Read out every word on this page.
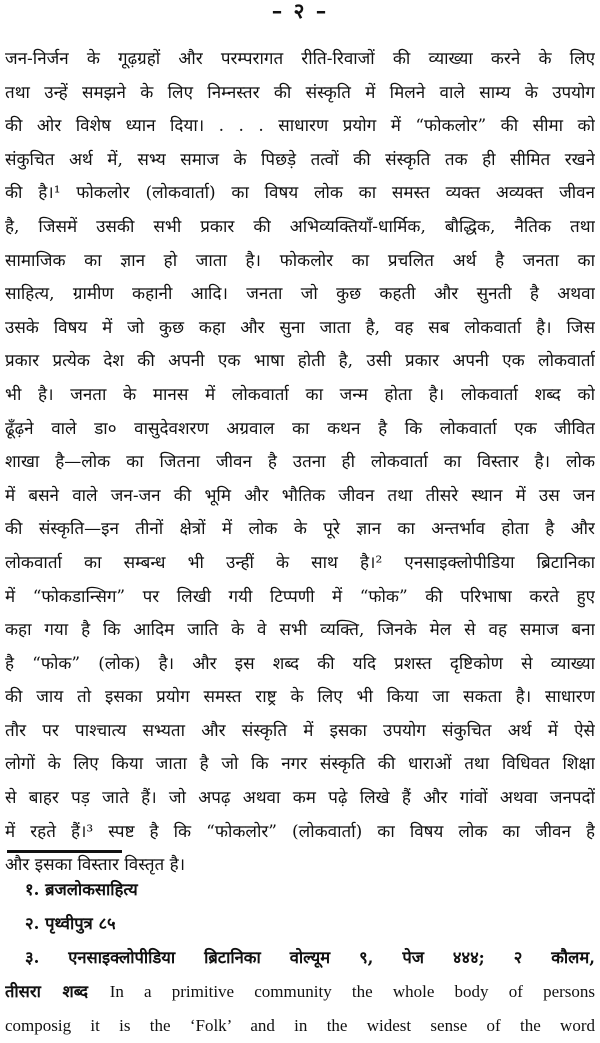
– २ –
जन-निर्जन के गूढ़ग्रहों और परम्परागत रीति-रिवाजों की व्याख्या करने के लिए
तथा उन्हें समझने के लिए निम्नस्तर की संस्कृति में मिलने वाले साम्य के उपयोग
की ओर विशेष ध्यान दिया। . . . साधारण प्रयोग में “फोकलोर” की सीमा को
संकुचित अर्थ में, सभ्य समाज के पिछड़े तत्वों की संस्कृति तक ही सीमित रखने
की है।¹ फोकलोर (लोकवार्ता) का विषय लोक का समस्त व्यक्त अव्यक्त जीवन
है, जिसमें उसकी सभी प्रकार की अभिव्यक्तियाँ-धार्मिक, बौद्धिक, नैतिक तथा
सामाजिक का ज्ञान हो जाता है। फोकलोर का प्रचलित अर्थ है जनता का
साहित्य, ग्रामीण कहानी आदि। जनता जो कुछ कहती और सुनती है अथवा
उसके विषय में जो कुछ कहा और सुना जाता है, वह सब लोकवार्ता है। जिस
प्रकार प्रत्येक देश की अपनी एक भाषा होती है, उसी प्रकार अपनी एक लोकवार्ता
भी है। जनता के मानस में लोकवार्ता का जन्म होता है। लोकवार्ता शब्द को
ढूँढ़ने वाले डा० वासुदेवशरण अग्रवाल का कथन है कि लोकवार्ता एक जीवित
शाखा है—लोक का जितना जीवन है उतना ही लोकवार्ता का विस्तार है। लोक
में बसने वाले जन-जन की भूमि और भौतिक जीवन तथा तीसरे स्थान में उस जन
की संस्कृति—इन तीनों क्षेत्रों में लोक के पूरे ज्ञान का अन्तर्भाव होता है और
लोकवार्ता का सम्बन्ध भी उन्हीं के साथ है।² एनसाइक्लोपीडिया ब्रिटानिका
में “फोकडान्सिग” पर लिखी गयी टिप्पणी में “फोक” की परिभाषा करते हुए
कहा गया है कि आदिम जाति के वे सभी व्यक्ति, जिनके मेल से वह समाज बना
है “फोक” (लोक) है। और इस शब्द की यदि प्रशस्त दृष्टिकोण से व्याख्या
की जाय तो इसका प्रयोग समस्त राष्ट्र के लिए भी किया जा सकता है। साधारण
तौर पर पाश्चात्य सभ्यता और संस्कृति में इसका उपयोग संकुचित अर्थ में ऐसे
लोगों के लिए किया जाता है जो कि नगर संस्कृति की धाराओं तथा विधिवत शिक्षा
से बाहर पड़ जाते हैं। जो अपढ़ अथवा कम पढ़े लिखे हैं और गांवों अथवा जनपदों
में रहते हैं।³ स्पष्ट है कि “फोकलोर” (लोकवार्ता) का विषय लोक का जीवन है
और इसका विस्तार विस्तृत है।
१. ब्रजलोकसाहित्य
२. पृथ्वीपुत्र ८५
३. एनसाइक्लोपीडिया ब्रिटानिका वोल्यूम ९, पेज ४४४; २ कौलम,
तीसरा शब्द In a primitive community the whole body of persons
composig it is the ‘Folk’ and in the widest sense of the word
